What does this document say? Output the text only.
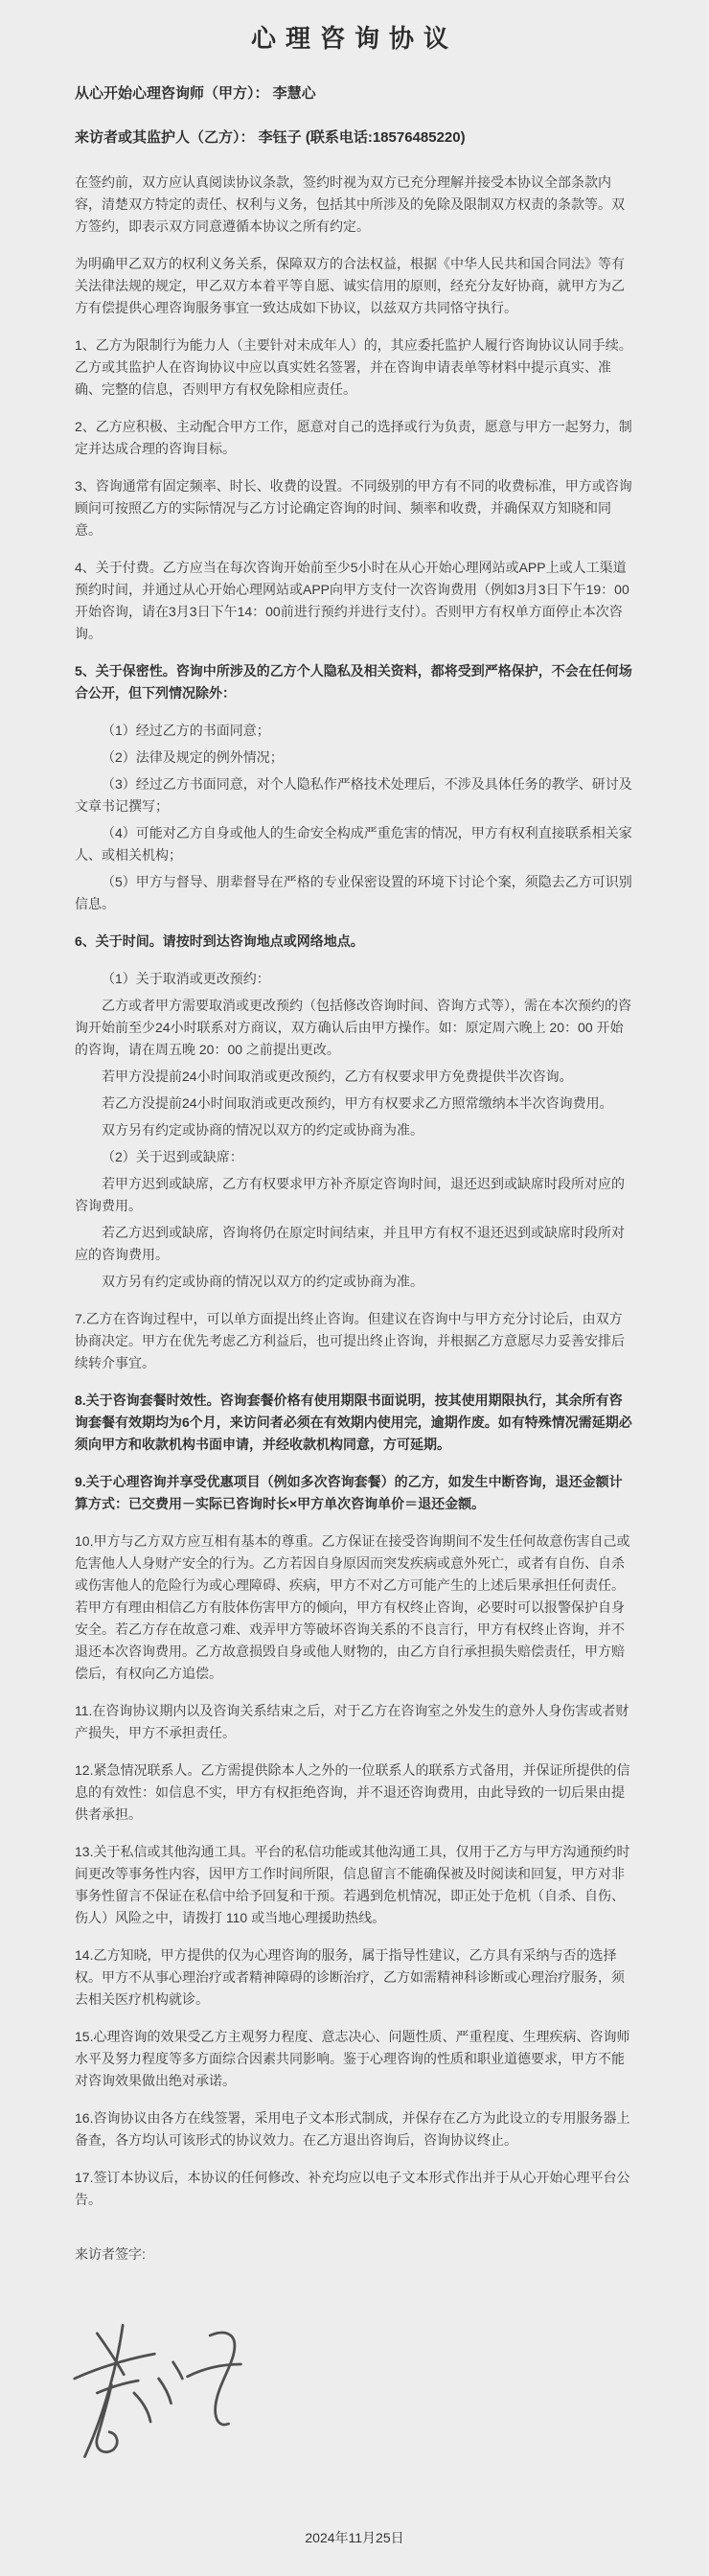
心理咨询协议

从心开始心理咨询师（甲方）： 李慧心

来访者或其监护人（乙方）： 李钰子 (联系电话:18576485220)

在签约前，双方应认真阅读协议条款，签约时视为双方已充分理解并接受本协议全部条款内容，清楚双方特定的责任、权利与义务，包括其中所涉及的免除及限制双方权责的条款等。双方签约，即表示双方同意遵循本协议之所有约定。

为明确甲乙双方的权利义务关系，保障双方的合法权益，根据《中华人民共和国合同法》等有关法律法规的规定，甲乙双方本着平等自愿、诚实信用的原则，经充分友好协商，就甲方为乙方有偿提供心理咨询服务事宜一致达成如下协议，以兹双方共同恪守执行。

1、乙方为限制行为能力人（主要针对未成年人）的，其应委托监护人履行咨询协议认同手续。乙方或其监护人在咨询协议中应以真实姓名签署，并在咨询申请表单等材料中提示真实、准确、完整的信息，否则甲方有权免除相应责任。

2、乙方应积极、主动配合甲方工作，愿意对自己的选择或行为负责，愿意与甲方一起努力，制定并达成合理的咨询目标。

3、咨询通常有固定频率、时长、收费的设置。不同级别的甲方有不同的收费标准，甲方或咨询顾问可按照乙方的实际情况与乙方讨论确定咨询的时间、频率和收费，并确保双方知晓和同意。

4、关于付费。乙方应当在每次咨询开始前至少5小时在从心开始心理网站或APP上或人工渠道预约时间，并通过从心开始心理网站或APP向甲方支付一次咨询费用（例如3月3日下午19：00开始咨询，请在3月3日下午14：00前进行预约并进行支付）。否则甲方有权单方面停止本次咨询。

5、关于保密性。咨询中所涉及的乙方个人隐私及相关资料，都将受到严格保护，不会在任何场合公开，但下列情况除外：

（1）经过乙方的书面同意；

（2）法律及规定的例外情况；

（3）经过乙方书面同意，对个人隐私作严格技术处理后，不涉及具体任务的教学、研讨及文章书记撰写；

（4）可能对乙方自身或他人的生命安全构成严重危害的情况，甲方有权利直接联系相关家人、或相关机构；

（5）甲方与督导、朋辈督导在严格的专业保密设置的环境下讨论个案，须隐去乙方可识别信息。

6、关于时间。请按时到达咨询地点或网络地点。

（1）关于取消或更改预约：

乙方或者甲方需要取消或更改预约（包括修改咨询时间、咨询方式等），需在本次预约的咨询开始前至少24小时联系对方商议，双方确认后由甲方操作。如：原定周六晚上 20：00 开始的咨询，请在周五晚 20：00 之前提出更改。

若甲方没提前24小时间取消或更改预约，乙方有权要求甲方免费提供半次咨询。

若乙方没提前24小时间取消或更改预约，甲方有权要求乙方照常缴纳本半次咨询费用。

双方另有约定或协商的情况以双方的约定或协商为准。

（2）关于迟到或缺席：

若甲方迟到或缺席，乙方有权要求甲方补齐原定咨询时间，退还迟到或缺席时段所对应的咨询费用。

若乙方迟到或缺席，咨询将仍在原定时间结束，并且甲方有权不退还迟到或缺席时段所对应的咨询费用。

双方另有约定或协商的情况以双方的约定或协商为准。

7.乙方在咨询过程中，可以单方面提出终止咨询。但建议在咨询中与甲方充分讨论后，由双方协商决定。甲方在优先考虑乙方利益后，也可提出终止咨询，并根据乙方意愿尽力妥善安排后续转介事宜。

8.关于咨询套餐时效性。咨询套餐价格有使用期限书面说明，按其使用期限执行，其余所有咨询套餐有效期均为6个月，来访问者必须在有效期内使用完，逾期作废。如有特殊情况需延期必须向甲方和收款机构书面申请，并经收款机构同意，方可延期。

9.关于心理咨询并享受优惠项目（例如多次咨询套餐）的乙方，如发生中断咨询，退还金额计算方式：已交费用－实际已咨询时长×甲方单次咨询单价＝退还金额。

10.甲方与乙方双方应互相有基本的尊重。乙方保证在接受咨询期间不发生任何故意伤害自己或危害他人人身财产安全的行为。乙方若因自身原因而突发疾病或意外死亡，或者有自伤、自杀或伤害他人的危险行为或心理障碍、疾病，甲方不对乙方可能产生的上述后果承担任何责任。若甲方有理由相信乙方有肢体伤害甲方的倾向，甲方有权终止咨询，必要时可以报警保护自身安全。若乙方存在故意刁难、戏弄甲方等破坏咨询关系的不良言行，甲方有权终止咨询，并不退还本次咨询费用。乙方故意损毁自身或他人财物的，由乙方自行承担损失赔偿责任，甲方赔偿后，有权向乙方追偿。

11.在咨询协议期内以及咨询关系结束之后，对于乙方在咨询室之外发生的意外人身伤害或者财产损失，甲方不承担责任。

12.紧急情况联系人。乙方需提供除本人之外的一位联系人的联系方式备用，并保证所提供的信息的有效性：如信息不实，甲方有权拒绝咨询，并不退还咨询费用，由此导致的一切后果由提供者承担。

13.关于私信或其他沟通工具。平台的私信功能或其他沟通工具，仅用于乙方与甲方沟通预约时间更改等事务性内容，因甲方工作时间所限，信息留言不能确保被及时阅读和回复，甲方对非事务性留言不保证在私信中给予回复和干预。若遇到危机情况，即正处于危机（自杀、自伤、伤人）风险之中，请拨打 110 或当地心理援助热线。

14.乙方知晓，甲方提供的仅为心理咨询的服务，属于指导性建议，乙方具有采纳与否的选择权。甲方不从事心理治疗或者精神障碍的诊断治疗，乙方如需精神科诊断或心理治疗服务，须去相关医疗机构就诊。

15.心理咨询的效果受乙方主观努力程度、意志决心、问题性质、严重程度、生理疾病、咨询师水平及努力程度等多方面综合因素共同影响。鉴于心理咨询的性质和职业道德要求，甲方不能对咨询效果做出绝对承诺。

16.咨询协议由各方在线签署，采用电子文本形式制成，并保存在乙方为此设立的专用服务器上备查，各方均认可该形式的协议效力。在乙方退出咨询后，咨询协议终止。

17.签订本协议后，本协议的任何修改、补充均应以电子文本形式作出并于从心开始心理平台公告。

来访者签字:

2024年11月25日
